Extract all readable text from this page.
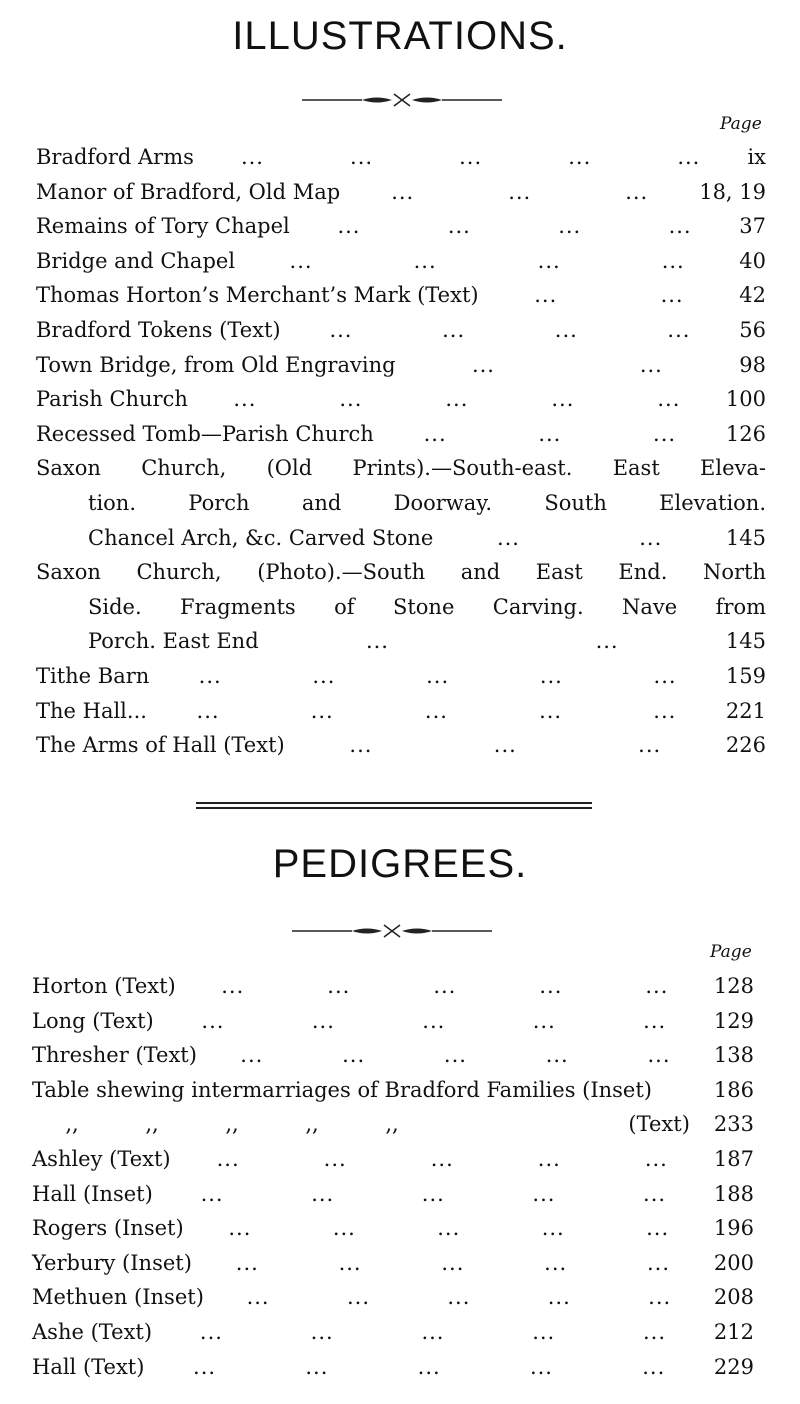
ILLUSTRATIONS.
Page
Bradford Arms ...	...	...	...	... ix
Manor of Bradford, Old Map ...	...	... 18, 19
Remains of Tory Chapel ...	...	...	... 37
Bridge and Chapel	...	...	...	...	40
Thomas Horton’s Merchant’s Mark (Text)	...	...	42
Bradford Tokens (Text) ...	...	...	... 56
Town Bridge, from Old Engraving	...	...	98
Parish Church ...	...	...	...	... 100
Recessed Tomb—Parish Church ...	...	... 126
Saxon Church, (Old Prints).—South-east. East Eleva-
tion. Porch and Doorway. South Elevation.
Chancel Arch, &c. Carved Stone	...	...	145
Saxon Church, (Photo).—South and East End. North
Side. Fragments of Stone Carving. Nave from
Porch. East End	...	...	145
Tithe Barn ...	...	...	...	... 159
The Hall... ...	...	...	...	... 221
The Arms of Hall (Text)	...	...	...	226
PEDIGREES.
Page
Horton (Text) ...	...	...	...	... 128
Long (Text) ...	...	...	...	... 129
Thresher (Text) ...	...	...	...	... 138
Table shewing intermarriages of Bradford Families (Inset)	186
,,	,,	,,	,,	,,	(Text) 233
Ashley (Text) ...	...	...	...	... 187
Hall (Inset) ...	...	...	...	... 188
Rogers (Inset) ...	...	...	...	... 196
Yerbury (Inset) ...	...	...	...	... 200
Methuen (Inset) ...	...	...	...	... 208
Ashe (Text) ...	...	...	...	... 212
Hall (Text) ...	...	...	...	... 229
